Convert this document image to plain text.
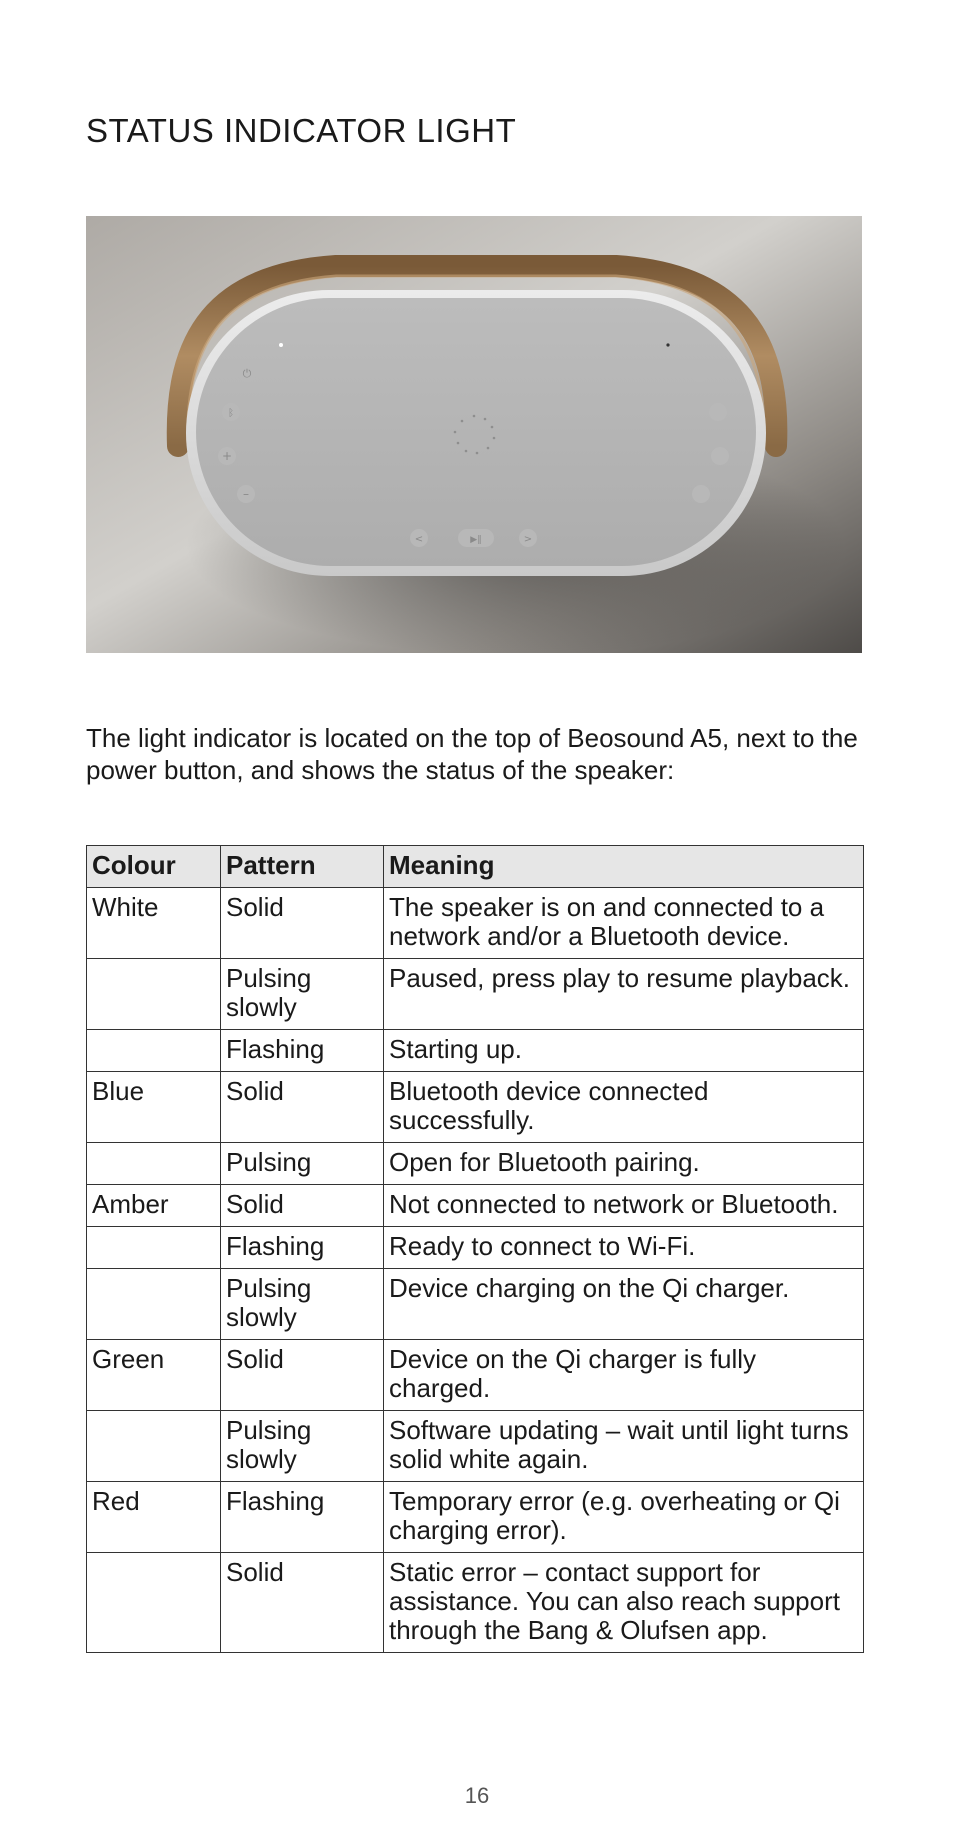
STATUS INDICATOR LIGHT
⏻
ᛒ
+
–
<	▶︎‖	>

The light indicator is located on the top of Beosound A5, next to the power button, and shows the status of the speaker:

Colour	Pattern	Meaning
White	Solid	The speaker is on and connected to a network and/or a Bluetooth device.
	Pulsing slowly	Paused, press play to resume playback.
	Flashing	Starting up.
Blue	Solid	Bluetooth device connected successfully.
	Pulsing	Open for Bluetooth pairing.
Amber	Solid	Not connected to network or Bluetooth.
	Flashing	Ready to connect to Wi-Fi.
	Pulsing slowly	Device charging on the Qi charger.
Green	Solid	Device on the Qi charger is fully charged.
	Pulsing slowly	Software updating – wait until light turns solid white again.
Red	Flashing	Temporary error (e.g. overheating or Qi charging error).
	Solid	Static error – contact support for assistance. You can also reach support through the Bang & Olufsen app.
16
